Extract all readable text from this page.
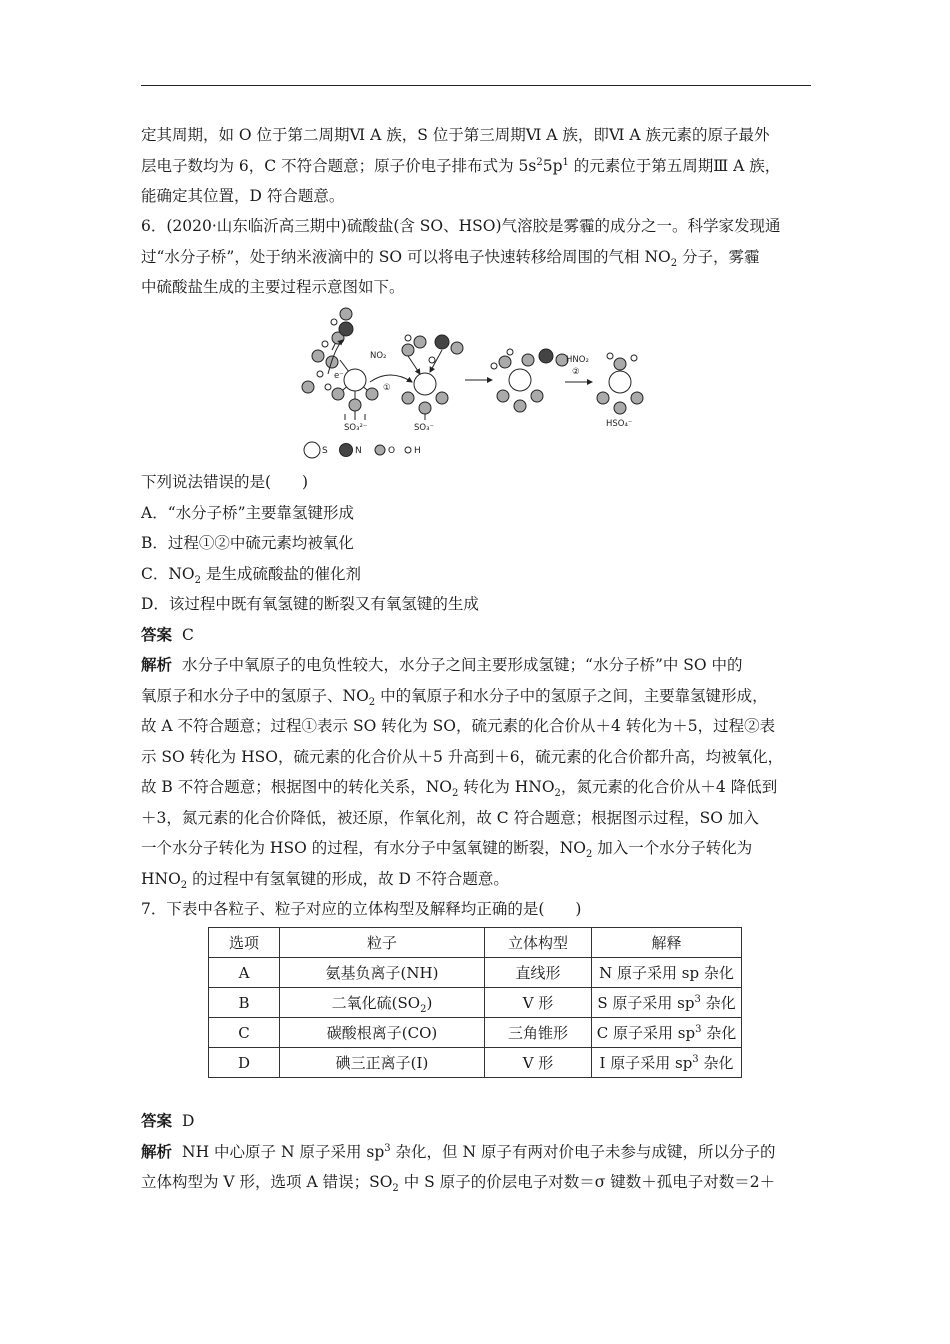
定其周期，如 O 位于第二周期Ⅵ A 族，S 位于第三周期Ⅵ A 族，即Ⅵ A 族元素的原子最外
层电子数均为 6，C 不符合题意；原子价电子排布式为 $5s^25p^1$ 的元素位于第五周期Ⅲ A 族，
能确定其位置，D 符合题意。
6．(2020·山东临沂高三期中)硫酸盐(含 SO、HSO)气溶胶是雾霾的成分之一。科学家发现通
过“水分子桥”，处于纳米液滴中的 SO 可以将电子快速转移给周围的气相 $NO_2$ 分子，雾霾
中硫酸盐生成的主要过程示意图如下。
e⁻
NO₂
①
②
HNO₂
SO₃²⁻	SO₃⁻	HSO₄⁻
S	N	O H
下列说法错误的是(　　)
A．“水分子桥”主要靠氢键形成
B．过程①②中硫元素均被氧化
C．$NO_2$ 是生成硫酸盐的催化剂
D．该过程中既有氧氢键的断裂又有氧氢键的生成
答案 C
解析 水分子中氧原子的电负性较大，水分子之间主要形成氢键；“水分子桥”中 SO 中的
氧原子和水分子中的氢原子、$NO_2$ 中的氧原子和水分子中的氢原子之间，主要靠氢键形成，
故 A 不符合题意；过程①表示 SO 转化为 SO，硫元素的化合价从＋4 转化为＋5，过程②表
示 SO 转化为 HSO，硫元素的化合价从＋5 升高到＋6，硫元素的化合价都升高，均被氧化，
故 B 不符合题意；根据图中的转化关系，$NO_2$ 转化为 $HNO_2$，氮元素的化合价从＋4 降低到
＋3，氮元素的化合价降低，被还原，作氧化剂，故 C 符合题意；根据图示过程，SO 加入
一个水分子转化为 HSO 的过程，有水分子中氢氧键的断裂，$NO_2$ 加入一个水分子转化为
$HNO_2$ 的过程中有氢氧键的形成，故 D 不符合题意。
7．下表中各粒子、粒子对应的立体构型及解释均正确的是(　　)
选项	粒子	立体构型	解释
A	氨基负离子(NH)	直线形	N 原子采用 sp 杂化
B	二氧化硫$(SO_2)$	V 形	S 原子采用 $sp^3$ 杂化
C	碳酸根离子(CO)	三角锥形	C 原子采用 $sp^3$ 杂化
D	碘三正离子(I)	V 形	I 原子采用 $sp^3$ 杂化
答案 D
解析 NH 中心原子 N 原子采用 $sp^3$ 杂化，但 N 原子有两对价电子未参与成键，所以分子的
立体构型为 V 形，选项 A 错误；$SO_2$ 中 S 原子的价层电子对数＝σ 键数＋孤电子对数＝2＋
